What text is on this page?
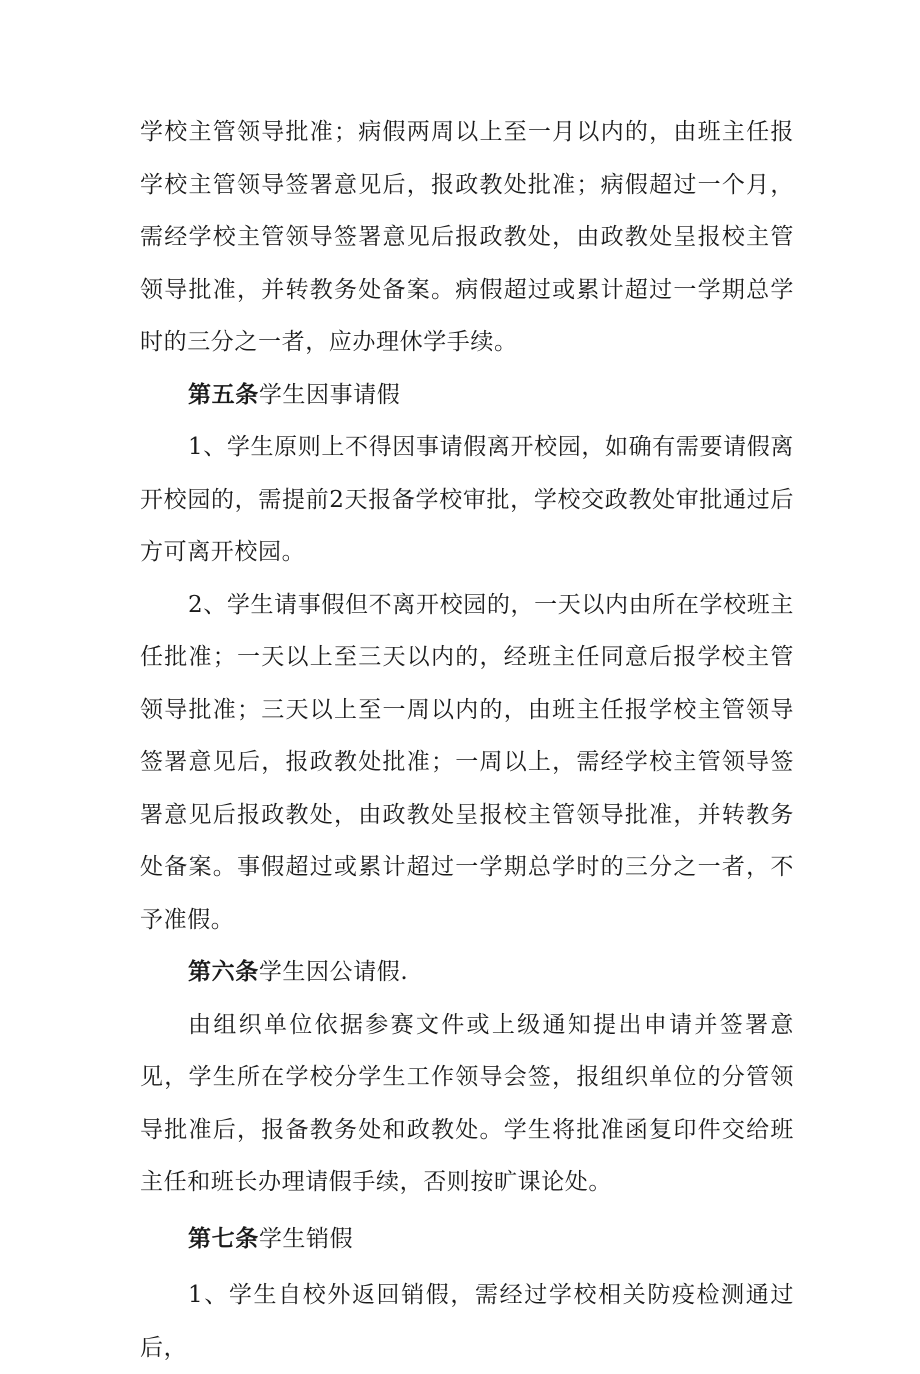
学校主管领导批准；病假两周以上至一月以内的，由班主任报学校主管领导签署意见后，报政教处批准；病假超过一个月，需经学校主管领导签署意见后报政教处，由政教处呈报校主管领导批准，并转教务处备案。病假超过或累计超过一学期总学时的三分之一者，应办理休学手续。

第五条学生因事请假

1、学生原则上不得因事请假离开校园，如确有需要请假离开校园的，需提前2天报备学校审批，学校交政教处审批通过后方可离开校园。

2、学生请事假但不离开校园的，一天以内由所在学校班主任批准；一天以上至三天以内的，经班主任同意后报学校主管领导批准；三天以上至一周以内的，由班主任报学校主管领导签署意见后，报政教处批准；一周以上，需经学校主管领导签署意见后报政教处，由政教处呈报校主管领导批准，并转教务处备案。事假超过或累计超过一学期总学时的三分之一者，不予准假。

第六条学生因公请假.

由组织单位依据参赛文件或上级通知提出申请并签署意见，学生所在学校分学生工作领导会签，报组织单位的分管领导批准后，报备教务处和政教处。学生将批准函复印件交给班主任和班长办理请假手续，否则按旷课论处。

第七条学生销假

1、学生自校外返回销假，需经过学校相关防疫检测通过后，
